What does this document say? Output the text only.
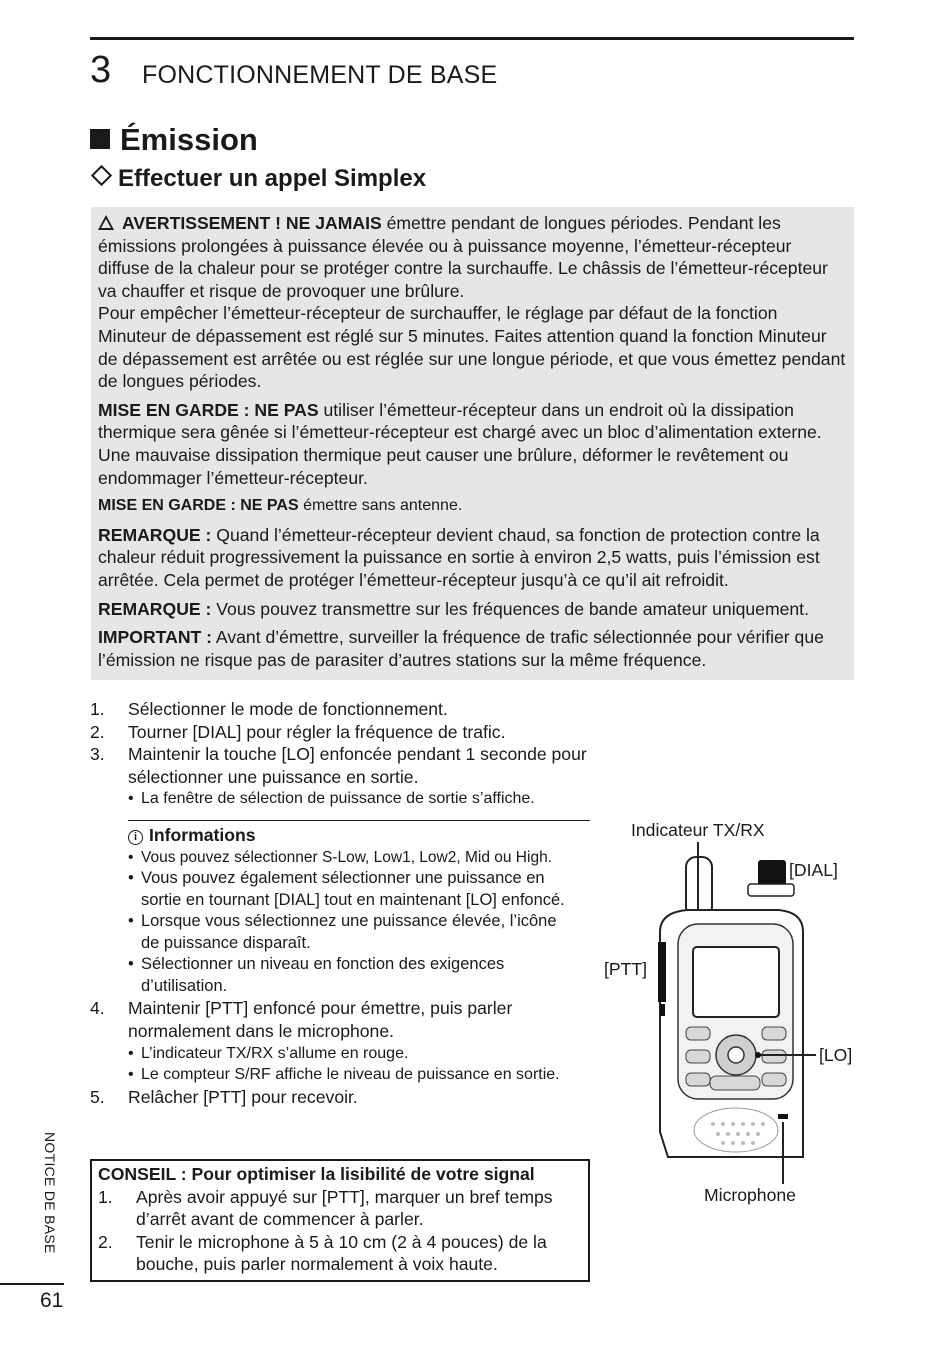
3 FONCTIONNEMENT DE BASE
Émission
Effectuer un appel Simplex

AVERTISSEMENT ! NE JAMAIS émettre pendant de longues périodes. Pendant les émissions prolongées à puissance élevée ou à puissance moyenne, l’émetteur-récepteur diffuse de la chaleur pour se protéger contre la surchauffe. Le châssis de l’émetteur-récepteur va chauffer et risque de provoquer une brûlure.
Pour empêcher l’émetteur-récepteur de surchauffer, le réglage par défaut de la fonction Minuteur de dépassement est réglé sur 5 minutes. Faites attention quand la fonction Minuteur de dépassement est arrêtée ou est réglée sur une longue période, et que vous émettez pendant de longues périodes.

MISE EN GARDE : NE PAS utiliser l’émetteur-récepteur dans un endroit où la dissipation thermique sera gênée si l’émetteur-récepteur est chargé avec un bloc d’alimentation externe. Une mauvaise dissipation thermique peut causer une brûlure, déformer le revêtement ou endommager l’émetteur-récepteur.

MISE EN GARDE : NE PAS émettre sans antenne.

REMARQUE : Quand l’émetteur-récepteur devient chaud, sa fonction de protection contre la chaleur réduit progressivement la puissance en sortie à environ 2,5 watts, puis l’émission est arrêtée. Cela permet de protéger l’émetteur-récepteur jusqu’à ce qu’il ait refroidit.

REMARQUE : Vous pouvez transmettre sur les fréquences de bande amateur uniquement.

IMPORTANT : Avant d’émettre, surveiller la fréquence de trafic sélectionnée pour vérifier que l’émission ne risque pas de parasiter d’autres stations sur la même fréquence.

1. Sélectionner le mode de fonctionnement.
2. Tourner [DIAL] pour régler la fréquence de trafic.
3. Maintenir la touche [LO] enfoncée pendant 1 seconde pour sélectionner une puissance en sortie.
• La fenêtre de sélection de puissance de sortie s’affiche.
i Informations
• Vous pouvez sélectionner S-Low, Low1, Low2, Mid ou High.
• Vous pouvez également sélectionner une puissance en sortie en tournant [DIAL] tout en maintenant [LO] enfoncé.
• Lorsque vous sélectionnez une puissance élevée, l’icône de puissance disparaît.
• Sélectionner un niveau en fonction des exigences d’utilisation.
4. Maintenir [PTT] enfoncé pour émettre, puis parler normalement dans le microphone.
• L’indicateur TX/RX s’allume en rouge.
• Le compteur S/RF affiche le niveau de puissance en sortie.
5. Relâcher [PTT] pour recevoir.
CONSEIL : Pour optimiser la lisibilité de votre signal
1. Après avoir appuyé sur [PTT], marquer un bref temps d’arrêt avant de commencer à parler.
2. Tenir le microphone à 5 à 10 cm (2 à 4 pouces) de la bouche, puis parler normalement à voix haute.
Indicateur TX/RX
[DIAL]
[PTT]
[LO]
Microphone
NOTICE DE BASE
61
